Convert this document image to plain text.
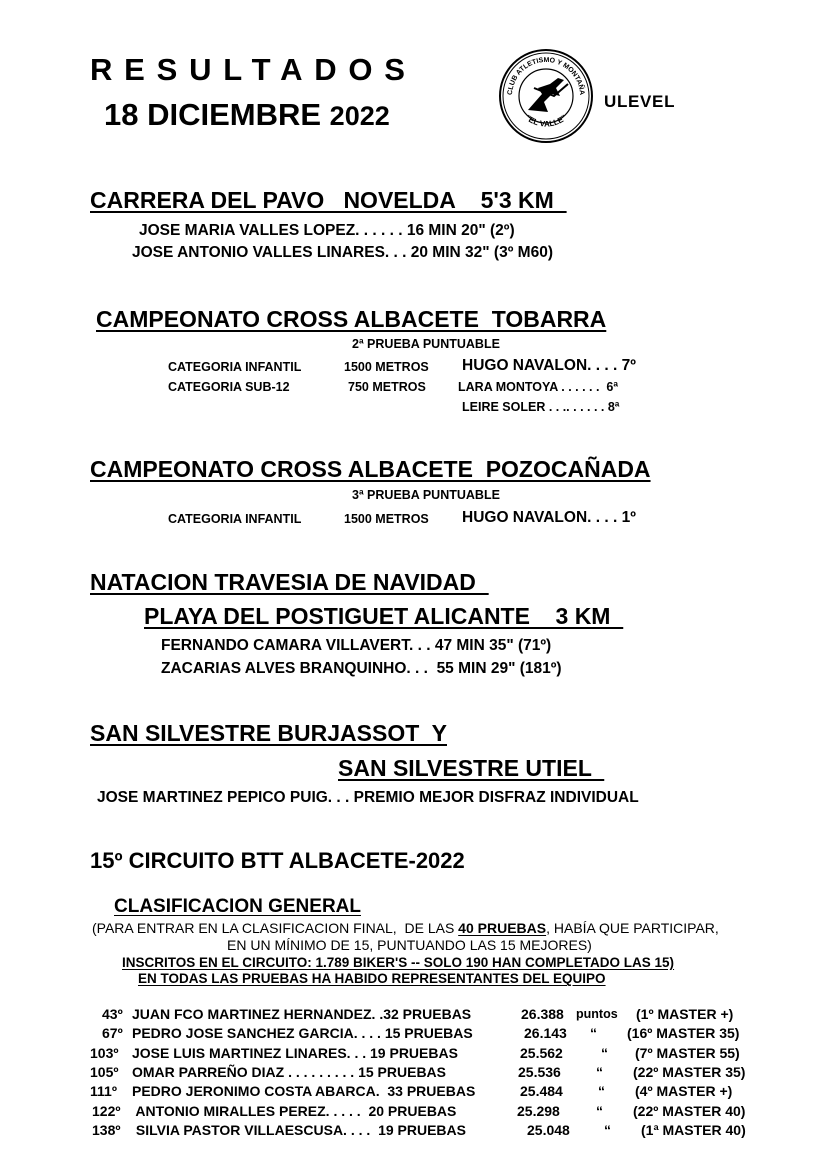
RESULTADOS
18 DICIEMBRE 2022
CLUB ATLETISMO Y MONTAÑA
"EL VALLE"
ULEVEL
CARRERA DEL PAVO   NOVELDA    5'3 KM
JOSE MARIA VALLES LOPEZ. . . . . . 16 MIN 20" (2º)
JOSE ANTONIO VALLES LINARES. . . 20 MIN 32" (3º M60)
CAMPEONATO CROSS ALBACETE  TOBARRA
2ª PRUEBA PUNTUABLE
CATEGORIA INFANTIL	1500 METROS HUGO NAVALON. . . . 7º
CATEGORIA SUB-12	750 METROS	LARA MONTOYA . . . . . .  6ª
LEIRE SOLER . . .. . . . . . 8ª
CAMPEONATO CROSS ALBACETE  POZOCAÑADA
3ª PRUEBA PUNTUABLE
CATEGORIA INFANTIL	1500 METROS HUGO NAVALON. . . . 1º
NATACION TRAVESIA DE NAVIDAD
PLAYA DEL POSTIGUET ALICANTE    3 KM
FERNANDO CAMARA VILLAVERT. . . 47 MIN 35" (71º)
ZACARIAS ALVES BRANQUINHO. . .  55 MIN 29" (181º)
SAN SILVESTRE BURJASSOT  Y
SAN SILVESTRE UTIEL
JOSE MARTINEZ PEPICO PUIG. . . PREMIO MEJOR DISFRAZ INDIVIDUAL
15º CIRCUITO BTT ALBACETE-2022
CLASIFICACION GENERAL
(PARA ENTRAR EN LA CLASIFICACION FINAL,  DE LAS 40 PRUEBAS, HABÍA QUE PARTICIPAR,
EN UN MÍNIMO DE 15, PUNTUANDO LAS 15 MEJORES)
INSCRITOS EN EL CIRCUITO: 1.789 BIKER'S -- SOLO 190 HAN COMPLETADO LAS 15)
EN TODAS LAS PRUEBAS HA HABIDO REPRESENTANTES DEL EQUIPO
43º JUAN FCO MARTINEZ HERNANDEZ. .32 PRUEBAS	26.388 puntos (1º MASTER +)
67º PEDRO JOSE SANCHEZ GARCIA. . . . 15 PRUEBAS	26.143 “ (16º MASTER 35)
103º JOSE LUIS MARTINEZ LINARES. . . 19 PRUEBAS	25.562	“ (7º MASTER 55)
105º OMAR PARREÑO DIAZ . . . . . . . . . 15 PRUEBAS	25.536	“ (22º MASTER 35)
111º PEDRO JERONIMO COSTA ABARCA.  33 PRUEBAS	25.484	“ (4º MASTER +)
122º ANTONIO MIRALLES PEREZ. . . . .  20 PRUEBAS	25.298	“ (22º MASTER 40)
138º SILVIA PASTOR VILLAESCUSA. . . .  19 PRUEBAS	25.048 “ (1ª MASTER 40)
